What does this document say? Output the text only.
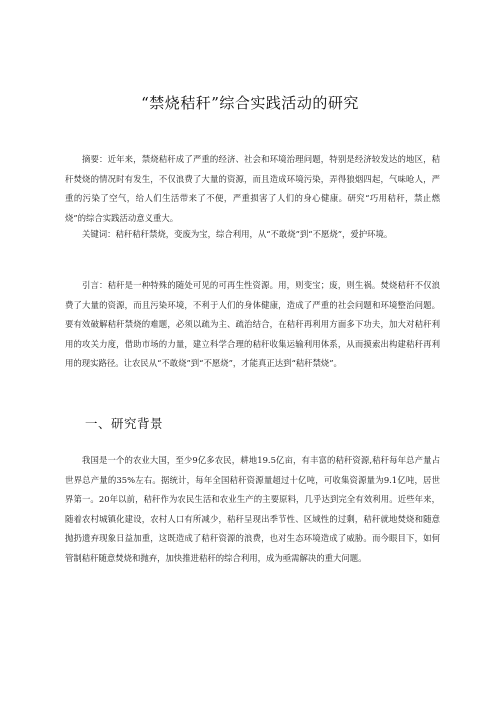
“禁烧秸秆”综合实践活动的研究

摘要：近年来，禁烧秸秆成了严重的经济、社会和环境治理问题，特别是经济较发达的地区，秸秆焚烧的情况时有发生，不仅浪费了大量的资源，而且造成环境污染，弄得狼烟四起，气味呛人，严重的污染了空气，给人们生活带来了不便，严重损害了人们的身心健康。研究“巧用秸秆，禁止燃烧”的综合实践活动意义重大。

关键词：秸秆秸秆禁烧，变废为宝，综合利用，从“不敢烧”到“不愿烧”，爱护环境。

引言：秸秆是一种特殊的随处可见的可再生性资源。用，则变宝；废，则生祸。焚烧秸秆不仅浪费了大量的资源，而且污染环境，不利于人们的身体健康，造成了严重的社会问题和环境整治问题。要有效破解秸秆禁烧的难题，必须以疏为主、疏治结合，在秸秆再利用方面多下功夫，加大对秸秆利用的攻关力度，借助市场的力量，建立科学合理的秸秆收集运输利用体系，从而摸索出构建秸秆再利用的现实路径。让农民从“不敢烧”到“不愿烧”，才能真正达到“秸秆禁烧”。

一、研究背景

我国是一个的农业大国，至少9亿多农民，耕地19.5亿亩，有丰富的秸秆资源,秸秆每年总产量占世界总产量的35%左右。据统计，每年全国秸秆资源量超过十亿吨，可收集资源量为9.1亿吨，居世界第一。20年以前，秸秆作为农民生活和农业生产的主要原料，几乎达到完全有效利用。近些年来，随着农村城镇化建设，农村人口有所减少，秸秆呈现出季节性、区域性的过剩，秸秆就地焚烧和随意抛扔遗弃现象日益加重，这既造成了秸秆资源的浪费，也对生态环境造成了威胁。而今眼目下，如何管制秸秆随意焚烧和抛弃，加快推进秸秆的综合利用，成为亟需解决的重大问题。
